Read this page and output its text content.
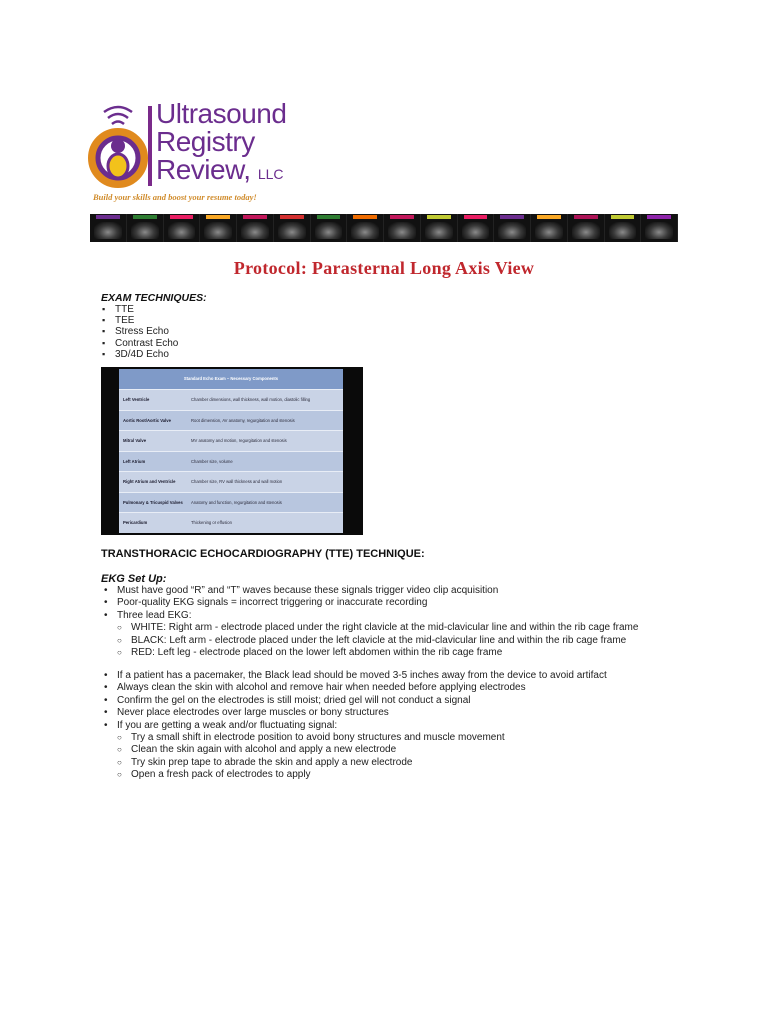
Ultrasound
Registry
Review, LLC
Build your skills and boost your resume today!
Protocol: Parasternal Long Axis View
EXAM TECHNIQUES:
▪ TTE
▪ TEE
▪ Stress Echo
▪ Contrast Echo
▪ 3D/4D Echo
Standard Echo Exam – Necessary Components
Left Ventricle	Chamber dimensions, wall thickness, wall motion, diastolic filling
Aortic Root/Aortic Valve	Root dimension, AV anatomy, regurgitation and stenosis
Mitral Valve	MV anatomy and motion, regurgitation and stenosis
Left Atrium	Chamber size, volume
Right Atrium and Ventricle	Chamber size, RV wall thickness and wall motion
Pulmonary & Tricuspid Valves	Anatomy and function, regurgitation and stenosis
Pericardium	Thickening or effusion
TRANSTHORACIC ECHOCARDIOGRAPHY (TTE) TECHNIQUE:
EKG Set Up:
• Must have good “R” and “T” waves because these signals trigger video clip acquisition
• Poor-quality EKG signals = incorrect triggering or inaccurate recording
• Three lead EKG:
○ WHITE: Right arm - electrode placed under the right clavicle at the mid-clavicular line and within the rib cage frame
○ BLACK: Left arm - electrode placed under the left clavicle at the mid-clavicular line and within the rib cage frame
○ RED: Left leg - electrode placed on the lower left abdomen within the rib cage frame
• If a patient has a pacemaker, the Black lead should be moved 3-5 inches away from the device to avoid artifact
• Always clean the skin with alcohol and remove hair when needed before applying electrodes
• Confirm the gel on the electrodes is still moist; dried gel will not conduct a signal
• Never place electrodes over large muscles or bony structures
• If you are getting a weak and/or fluctuating signal:
○ Try a small shift in electrode position to avoid bony structures and muscle movement
○ Clean the skin again with alcohol and apply a new electrode
○ Try skin prep tape to abrade the skin and apply a new electrode
○ Open a fresh pack of electrodes to apply
